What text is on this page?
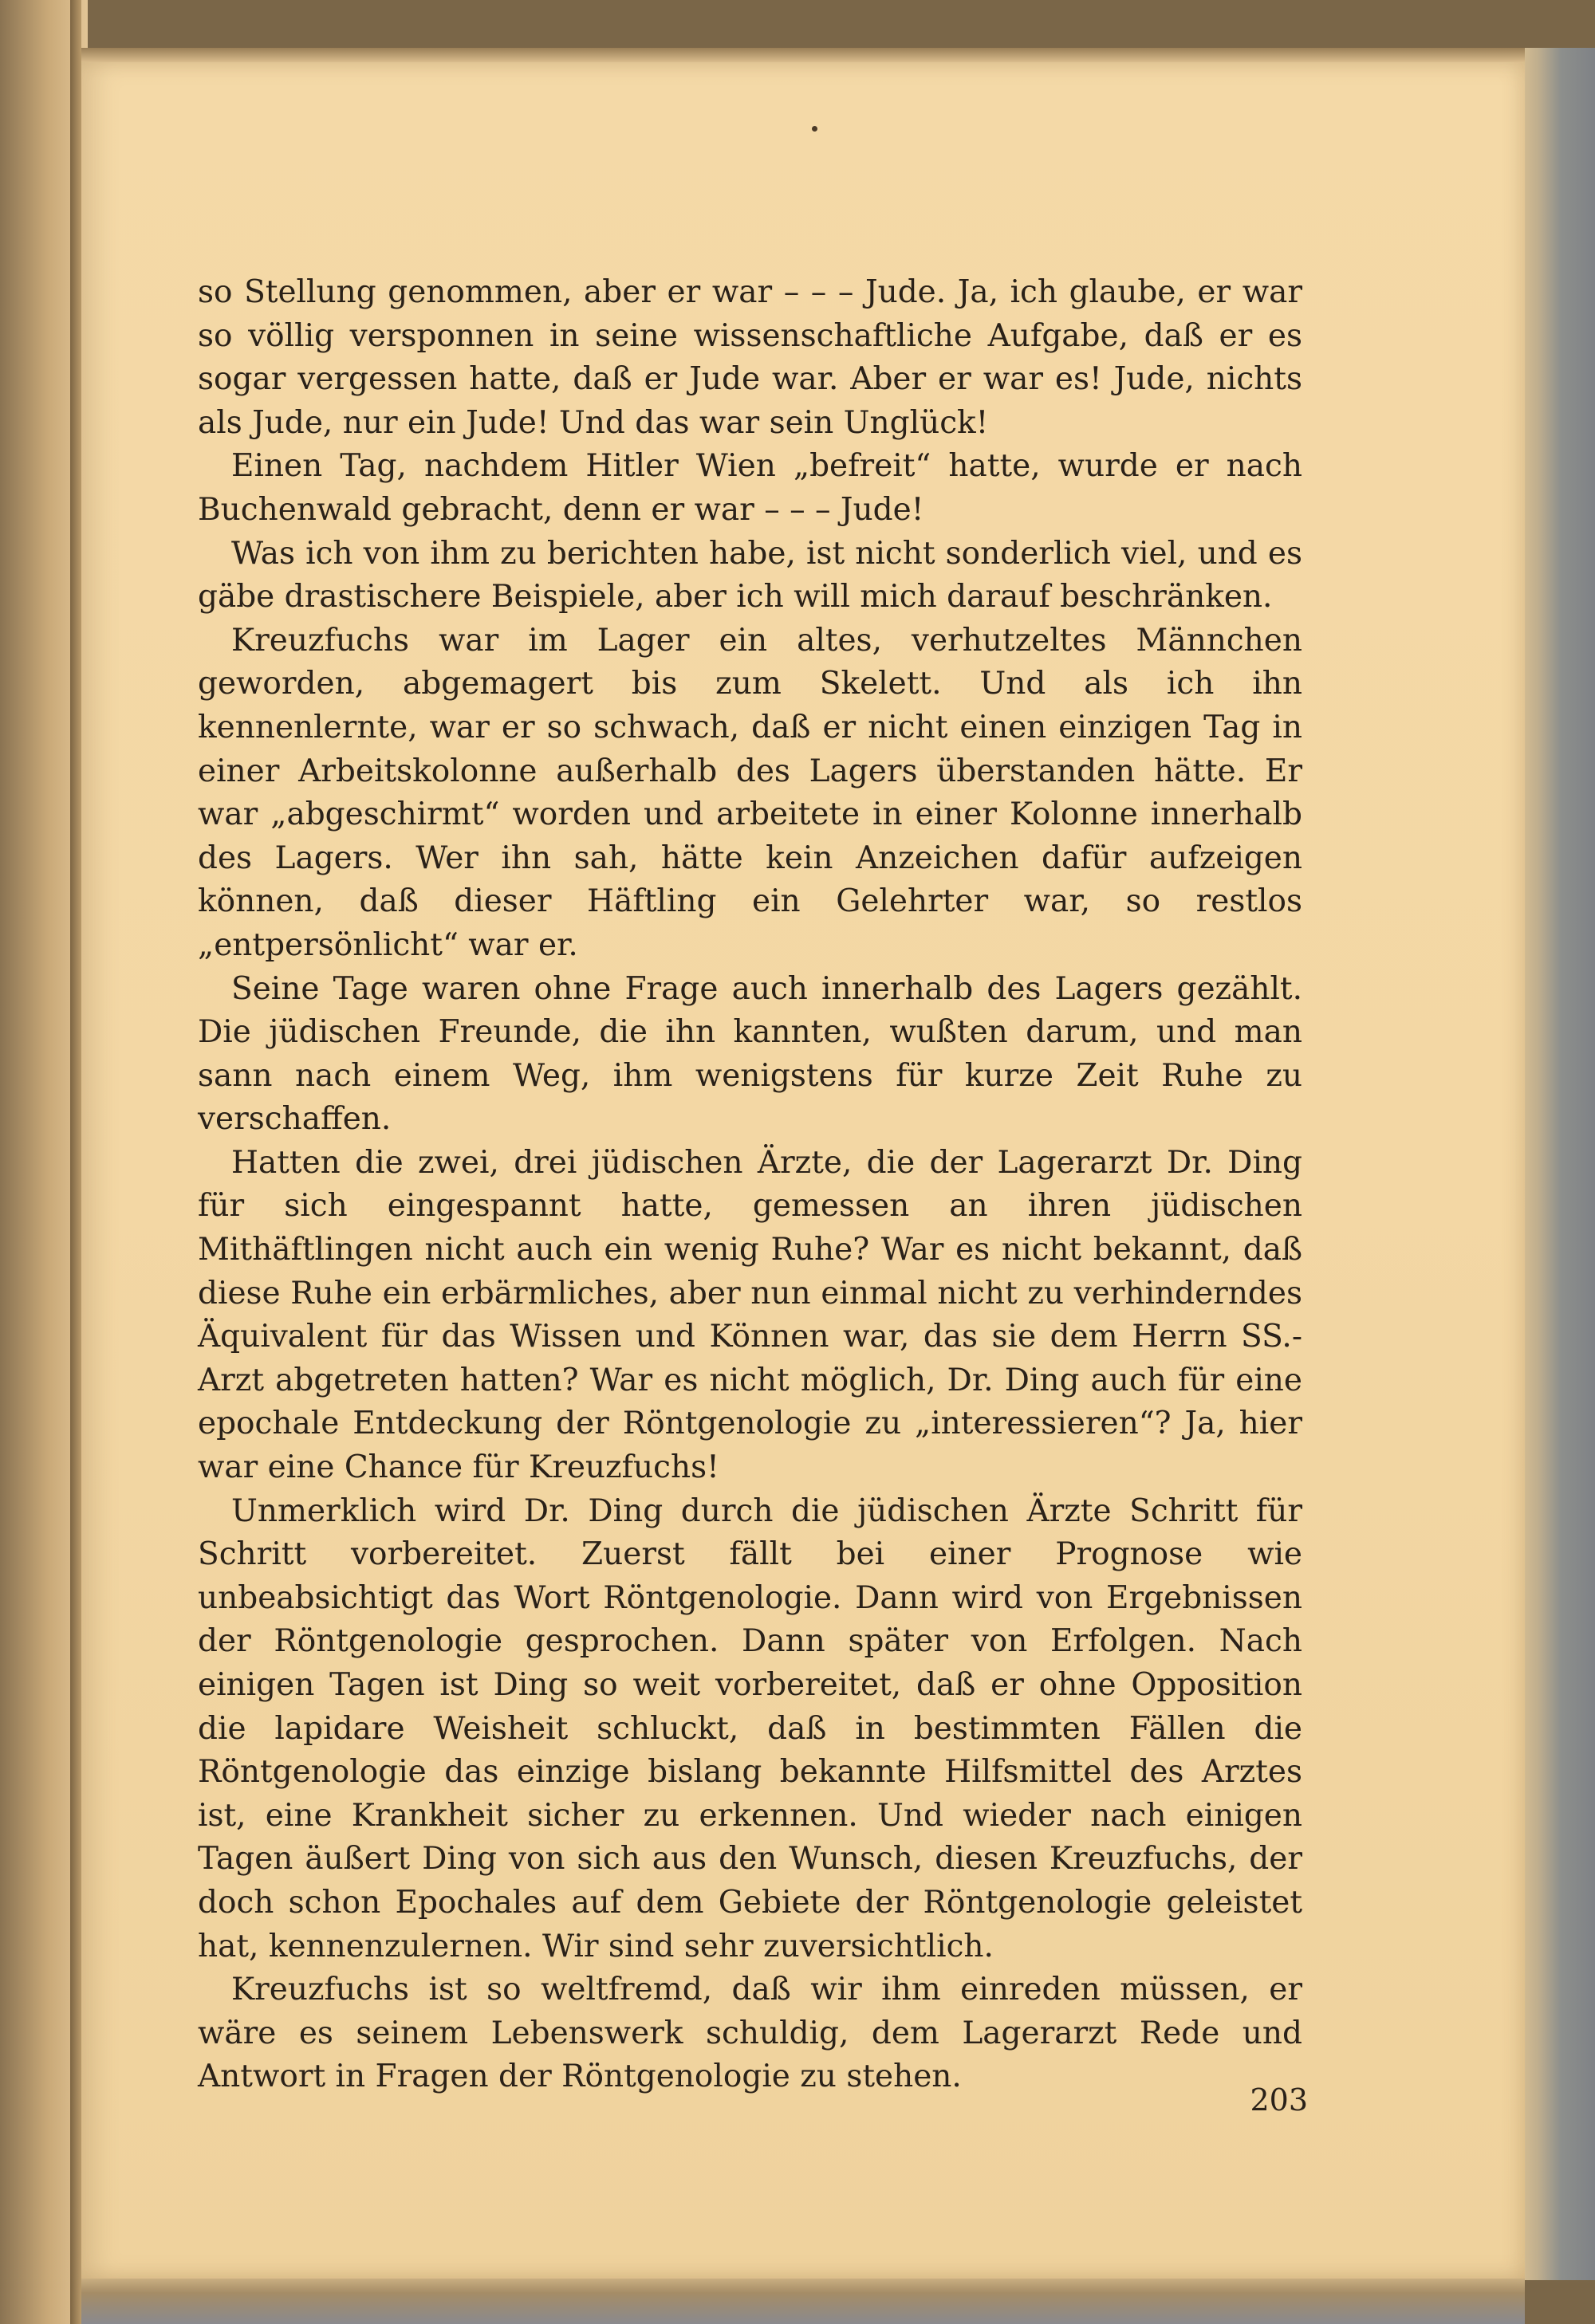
so Stellung genommen, aber er war – – – Jude. Ja, ich glaube, er war so völlig versponnen in seine wissenschaftliche Aufgabe, daß er es sogar vergessen hatte, daß er Jude war. Aber er war es! Jude, nichts als Jude, nur ein Jude! Und das war sein Unglück!

Einen Tag, nachdem Hitler Wien „befreit“ hatte, wurde er nach Buchenwald gebracht, denn er war – – – Jude!

Was ich von ihm zu berichten habe, ist nicht sonderlich viel, und es gäbe drastischere Beispiele, aber ich will mich darauf beschränken.

Kreuzfuchs war im Lager ein altes, verhutzeltes Männchen geworden, abgemagert bis zum Skelett. Und als ich ihn kennenlernte, war er so schwach, daß er nicht einen einzigen Tag in einer Arbeitskolonne außerhalb des Lagers überstanden hätte. Er war „abgeschirmt“ worden und arbeitete in einer Kolonne innerhalb des Lagers. Wer ihn sah, hätte kein Anzeichen dafür aufzeigen können, daß dieser Häftling ein Gelehrter war, so restlos „entpersönlicht“ war er.

Seine Tage waren ohne Frage auch innerhalb des Lagers gezählt. Die jüdischen Freunde, die ihn kannten, wußten darum, und man sann nach einem Weg, ihm wenigstens für kurze Zeit Ruhe zu verschaffen.

Hatten die zwei, drei jüdischen Ärzte, die der Lagerarzt Dr. Ding für sich eingespannt hatte, gemessen an ihren jüdischen Mithäftlingen nicht auch ein wenig Ruhe? War es nicht bekannt, daß diese Ruhe ein erbärmliches, aber nun einmal nicht zu verhinderndes Äquivalent für das Wissen und Können war, das sie dem Herrn SS.-Arzt abgetreten hatten? War es nicht möglich, Dr. Ding auch für eine epochale Entdeckung der Röntgenologie zu „interessieren“? Ja, hier war eine Chance für Kreuzfuchs!

Unmerklich wird Dr. Ding durch die jüdischen Ärzte Schritt für Schritt vorbereitet. Zuerst fällt bei einer Prognose wie unbeabsichtigt das Wort Röntgenologie. Dann wird von Ergebnissen der Röntgenologie gesprochen. Dann später von Erfolgen. Nach einigen Tagen ist Ding so weit vorbereitet, daß er ohne Opposition die lapidare Weisheit schluckt, daß in bestimmten Fällen die Röntgenologie das einzige bislang bekannte Hilfsmittel des Arztes ist, eine Krankheit sicher zu erkennen. Und wieder nach einigen Tagen äußert Ding von sich aus den Wunsch, diesen Kreuzfuchs, der doch schon Epochales auf dem Gebiete der Röntgenologie geleistet hat, kennenzulernen. Wir sind sehr zuversichtlich.

Kreuzfuchs ist so weltfremd, daß wir ihm einreden müssen, er wäre es seinem Lebenswerk schuldig, dem Lagerarzt Rede und Antwort in Fragen der Röntgenologie zu stehen.

203
